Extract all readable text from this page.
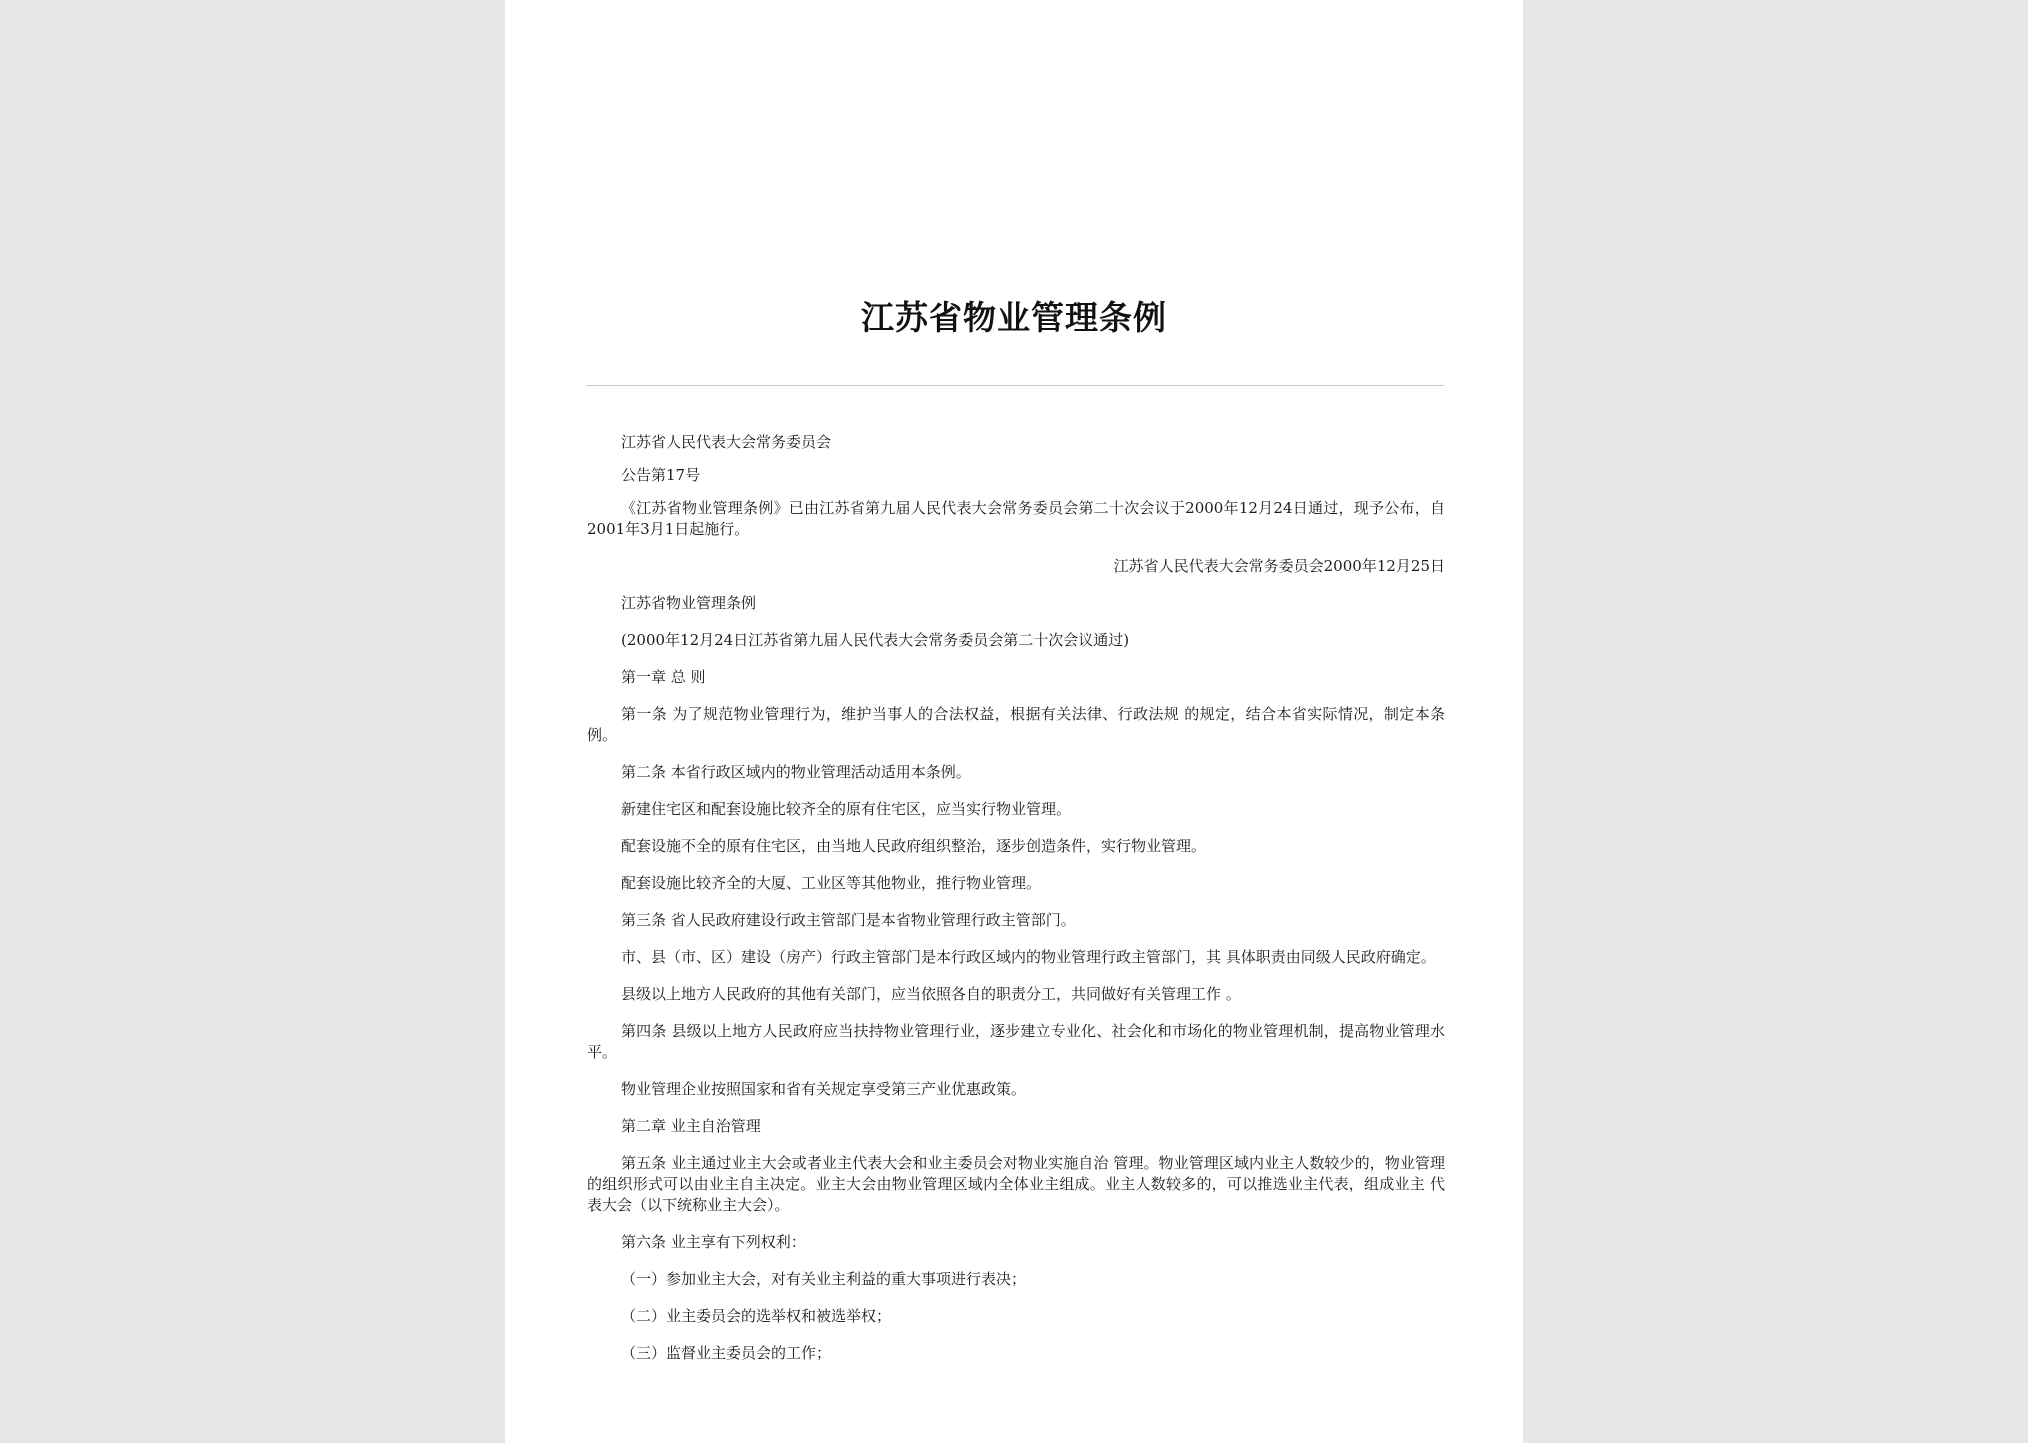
江苏省物业管理条例

江苏省人民代表大会常务委员会

公告第17号

《江苏省物业管理条例》已由江苏省第九届人民代表大会常务委员会第二十次会议于2000年12月24日通过，现予公布，自2001年3月1日起施行。

江苏省人民代表大会常务委员会2000年12月25日

江苏省物业管理条例

(2000年12月24日江苏省第九届人民代表大会常务委员会第二十次会议通过)

第一章 总 则

第一条 为了规范物业管理行为，维护当事人的合法权益，根据有关法律、行政法规 的规定，结合本省实际情况，制定本条例。

第二条 本省行政区域内的物业管理活动适用本条例。

新建住宅区和配套设施比较齐全的原有住宅区，应当实行物业管理。

配套设施不全的原有住宅区，由当地人民政府组织整治，逐步创造条件，实行物业管理。

配套设施比较齐全的大厦、工业区等其他物业，推行物业管理。

第三条 省人民政府建设行政主管部门是本省物业管理行政主管部门。

市、县（市、区）建设（房产）行政主管部门是本行政区域内的物业管理行政主管部门，其 具体职责由同级人民政府确定。

县级以上地方人民政府的其他有关部门，应当依照各自的职责分工，共同做好有关管理工作 。

第四条 县级以上地方人民政府应当扶持物业管理行业，逐步建立专业化、社会化和市场化的物业管理机制，提高物业管理水平。

物业管理企业按照国家和省有关规定享受第三产业优惠政策。

第二章 业主自治管理

第五条 业主通过业主大会或者业主代表大会和业主委员会对物业实施自治 管理。物业管理区域内业主人数较少的，物业管理的组织形式可以由业主自主决定。业主大会由物业管理区域内全体业主组成。业主人数较多的，可以推选业主代表，组成业主 代表大会（以下统称业主大会）。

第六条 业主享有下列权利：

（一）参加业主大会，对有关业主利益的重大事项进行表决；

（二）业主委员会的选举权和被选举权；

（三）监督业主委员会的工作；
